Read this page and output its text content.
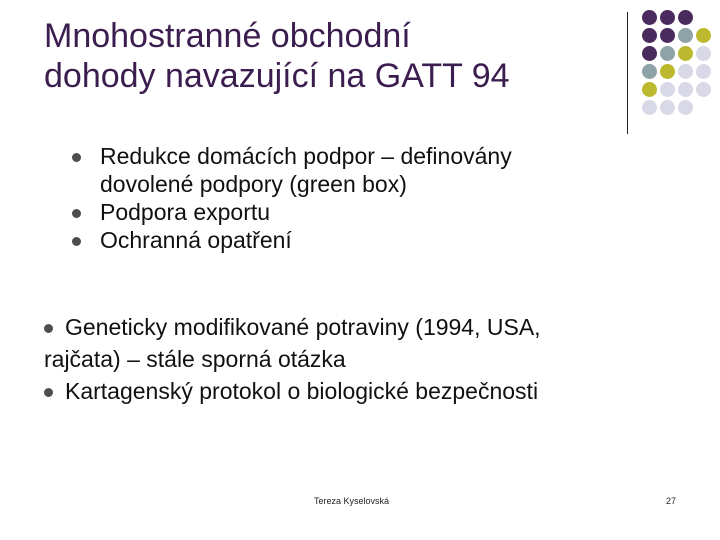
Mnohostranné obchodní
dohody navazující na GATT 94
Redukce domácích podpor – definovány
dovolené podpory (green box)
Podpora exportu
Ochranná opatření
Geneticky modifikované potraviny (1994, USA,
rajčata) – stále sporná otázka
Kartagenský protokol o biologické bezpečnosti
Tereza Kyselovská	27
